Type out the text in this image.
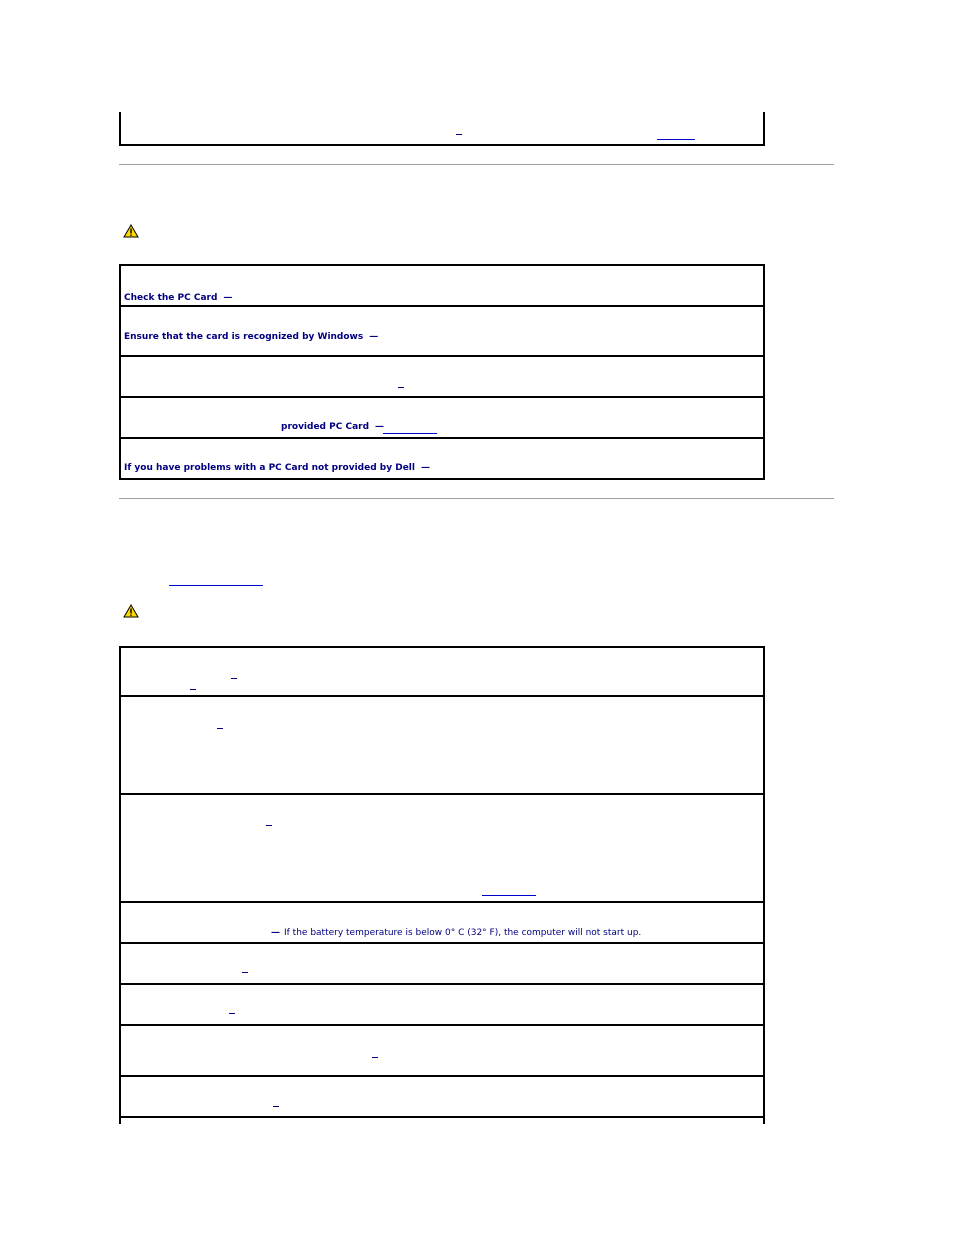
Check the PC Card —
Ensure that the card is recognized by Windows —
provided PC Card —
If you have problems with a PC Card not provided by Dell —
— If the battery temperature is below 0° C (32° F), the computer will not start up.
